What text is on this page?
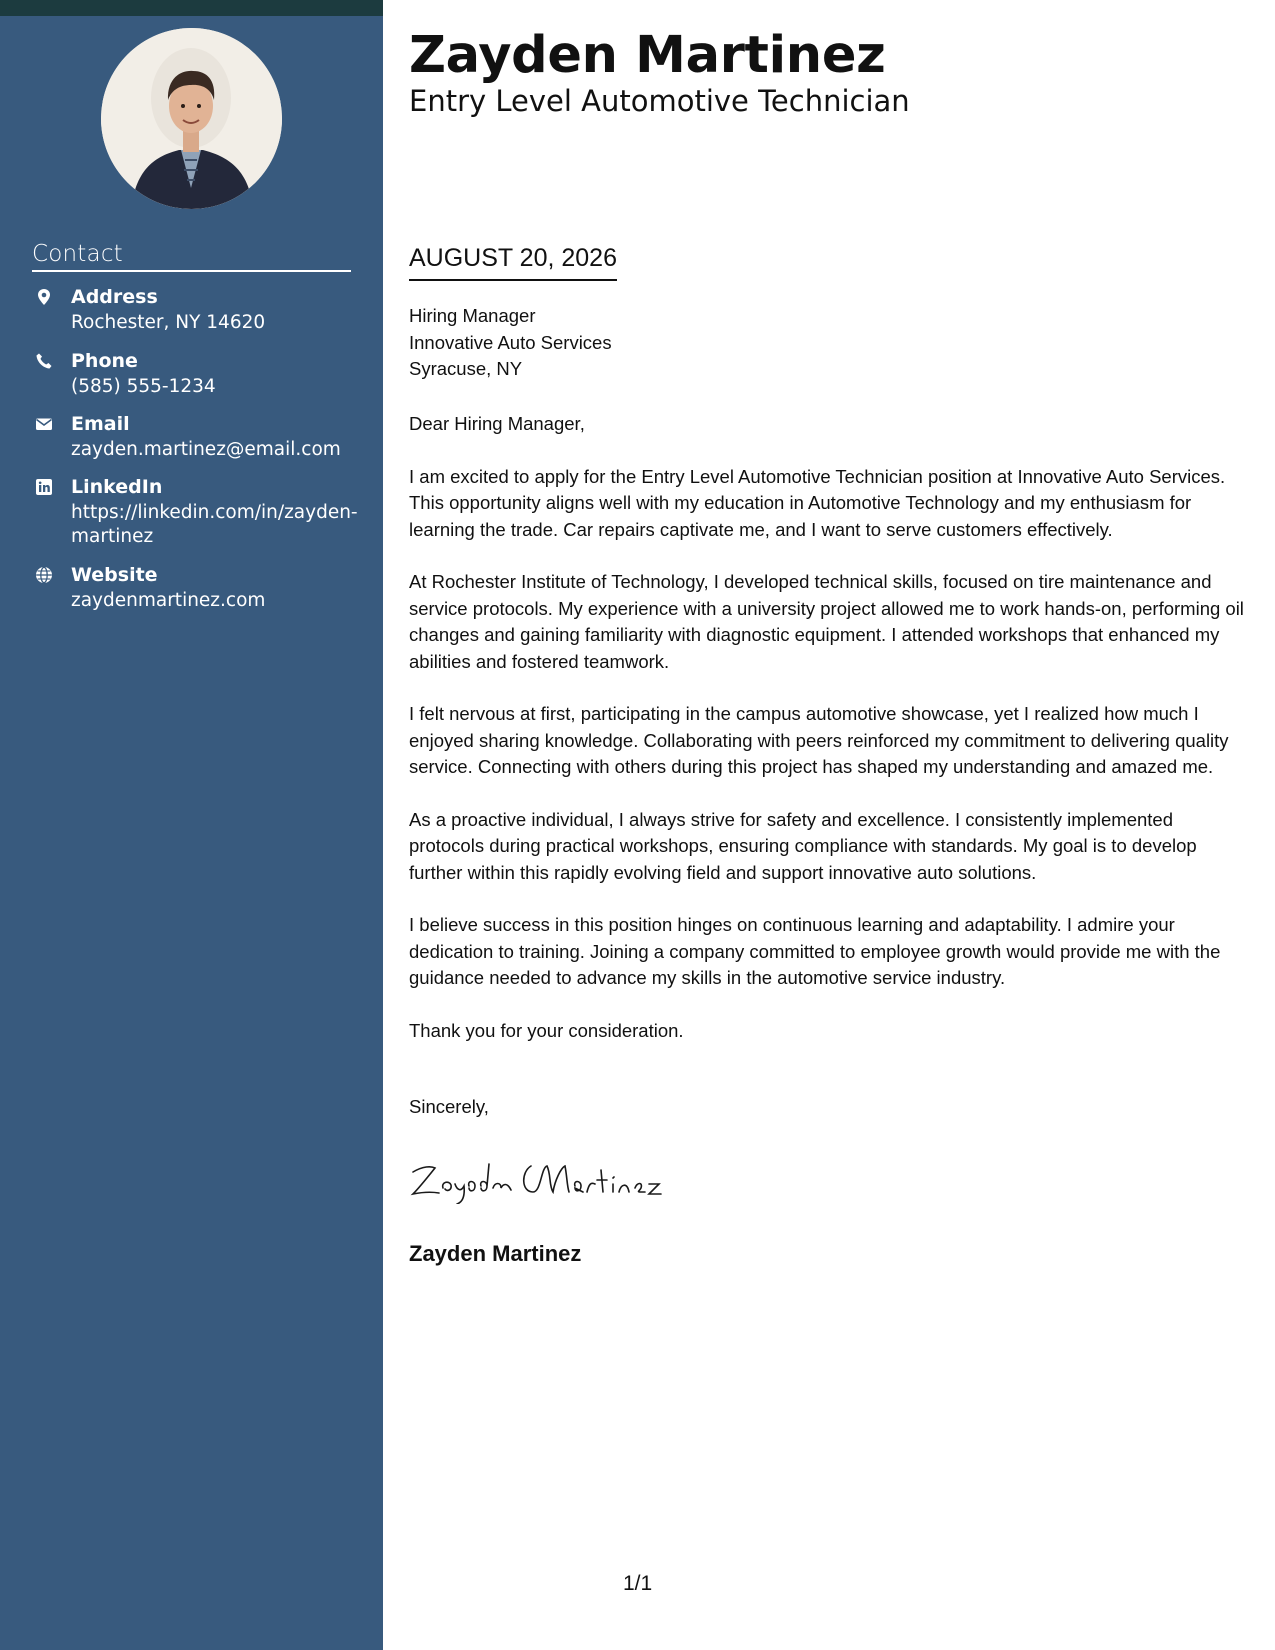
Contact
Address
Rochester, NY 14620
Phone
(585) 555-1234
Email
zayden.martinez@email.com
LinkedIn
https://linkedin.com/in/zayden-martinez
Website
zaydenmartinez.com
Zayden Martinez
Entry Level Automotive Technician
AUGUST 20, 2026
Hiring Manager
Innovative Auto Services
Syracuse, NY
Dear Hiring Manager,
I am excited to apply for the Entry Level Automotive Technician position at Innovative Auto Services. This opportunity aligns well with my education in Automotive Technology and my enthusiasm for learning the trade. Car repairs captivate me, and I want to serve customers effectively.
At Rochester Institute of Technology, I developed technical skills, focused on tire maintenance and service protocols. My experience with a university project allowed me to work hands-on, performing oil changes and gaining familiarity with diagnostic equipment. I attended workshops that enhanced my abilities and fostered teamwork.
I felt nervous at first, participating in the campus automotive showcase, yet I realized how much I enjoyed sharing knowledge. Collaborating with peers reinforced my commitment to delivering quality service. Connecting with others during this project has shaped my understanding and amazed me.
As a proactive individual, I always strive for safety and excellence. I consistently implemented protocols during practical workshops, ensuring compliance with standards. My goal is to develop further within this rapidly evolving field and support innovative auto solutions.
I believe success in this position hinges on continuous learning and adaptability. I admire your dedication to training. Joining a company committed to employee growth would provide me with the guidance needed to advance my skills in the automotive service industry.
Thank you for your consideration.
Sincerely,
Zayden Martinez
1/1
